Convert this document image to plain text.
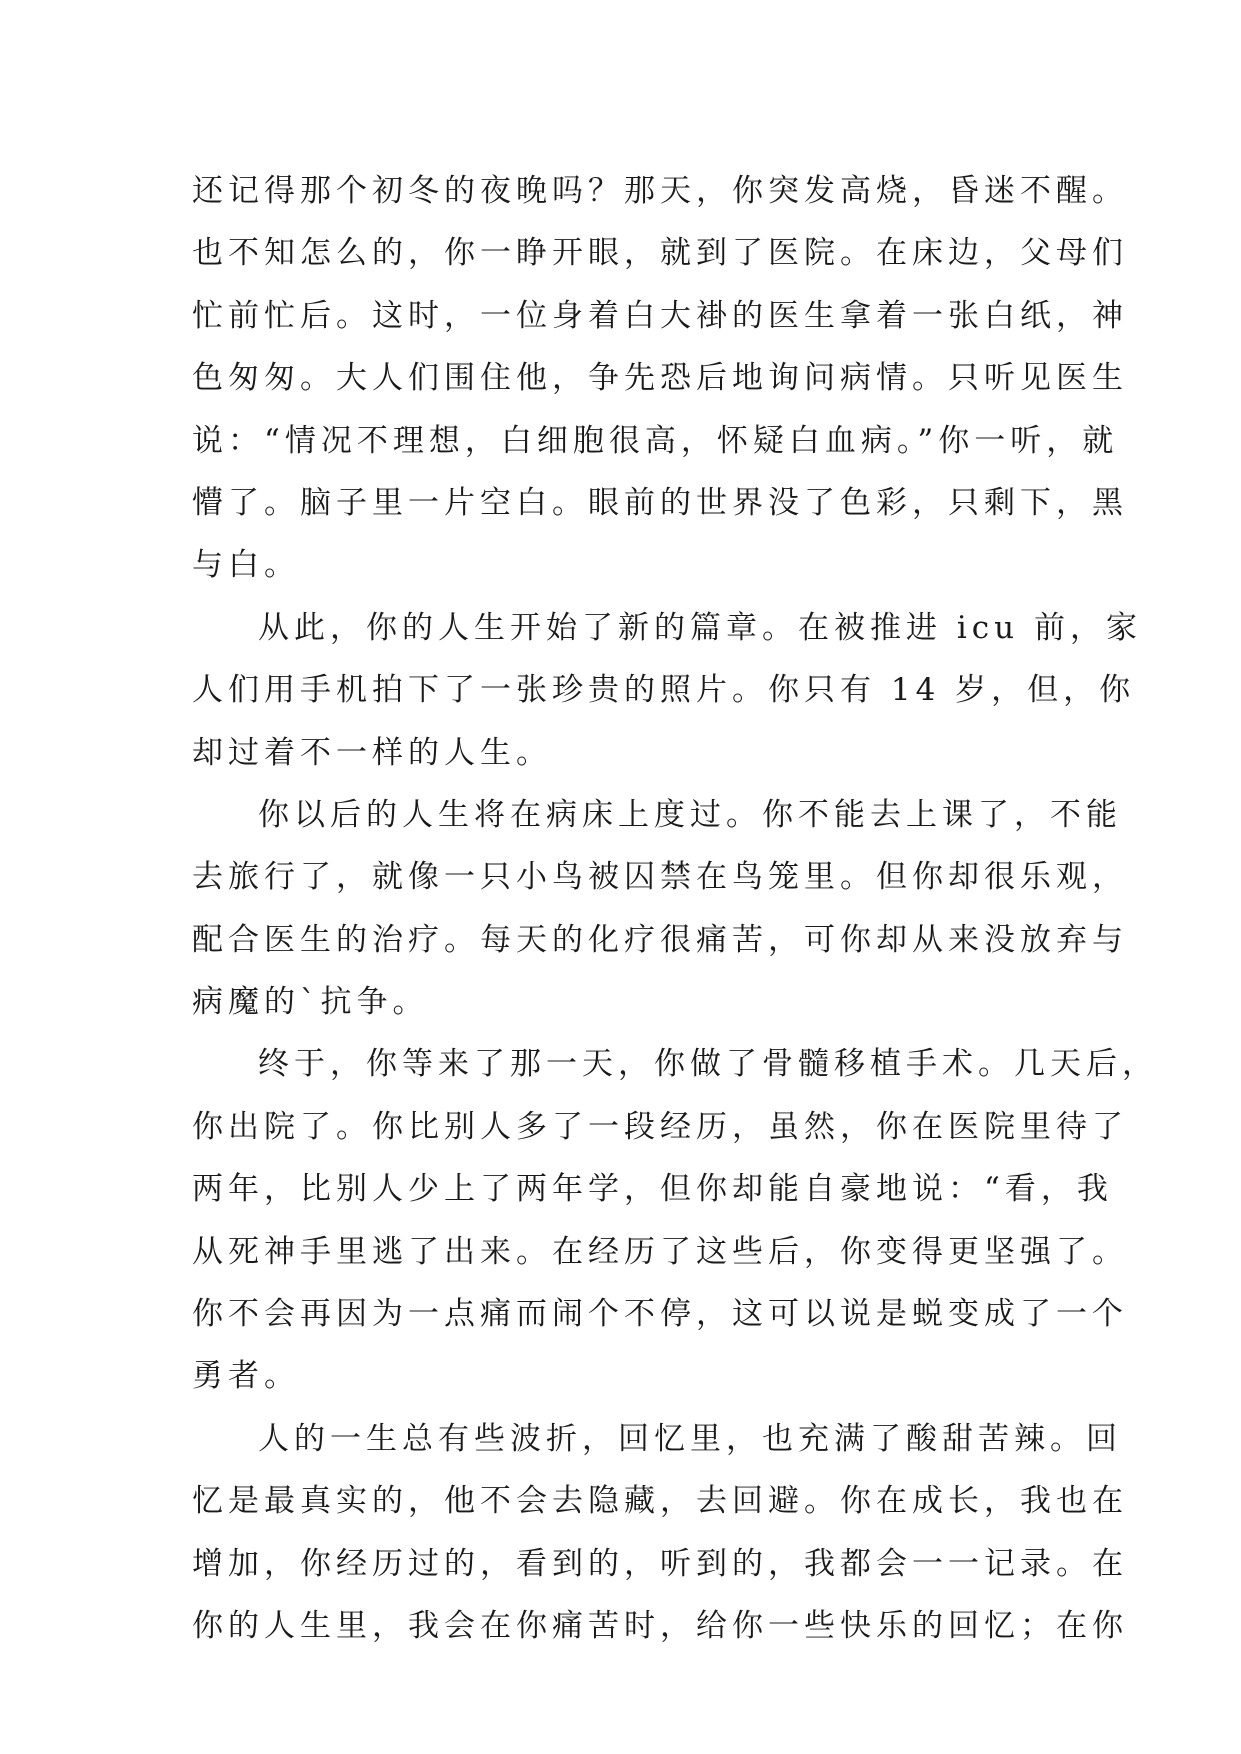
还记得那个初冬的夜晚吗？那天，你突发高烧，昏迷不醒。
也不知怎么的，你一睁开眼，就到了医院。在床边，父母们
忙前忙后。这时，一位身着白大褂的医生拿着一张白纸，神
色匆匆。大人们围住他，争先恐后地询问病情。只听见医生
说：“情况不理想，白细胞很高，怀疑白血病。”你一听，就
懵了。脑子里一片空白。眼前的世界没了色彩，只剩下，黑
与白。
从此，你的人生开始了新的篇章。在被推进 icu 前，家
人们用手机拍下了一张珍贵的照片。你只有 14 岁，但，你
却过着不一样的人生。
你以后的人生将在病床上度过。你不能去上课了，不能
去旅行了，就像一只小鸟被囚禁在鸟笼里。但你却很乐观，
配合医生的治疗。每天的化疗很痛苦，可你却从来没放弃与
病魔的`抗争。
终于，你等来了那一天，你做了骨髓移植手术。几天后，
你出院了。你比别人多了一段经历，虽然，你在医院里待了
两年，比别人少上了两年学，但你却能自豪地说：“看，我
从死神手里逃了出来。在经历了这些后，你变得更坚强了。
你不会再因为一点痛而闹个不停，这可以说是蜕变成了一个
勇者。
人的一生总有些波折，回忆里，也充满了酸甜苦辣。回
忆是最真实的，他不会去隐藏，去回避。你在成长，我也在
增加，你经历过的，看到的，听到的，我都会一一记录。在
你的人生里，我会在你痛苦时，给你一些快乐的回忆；在你
